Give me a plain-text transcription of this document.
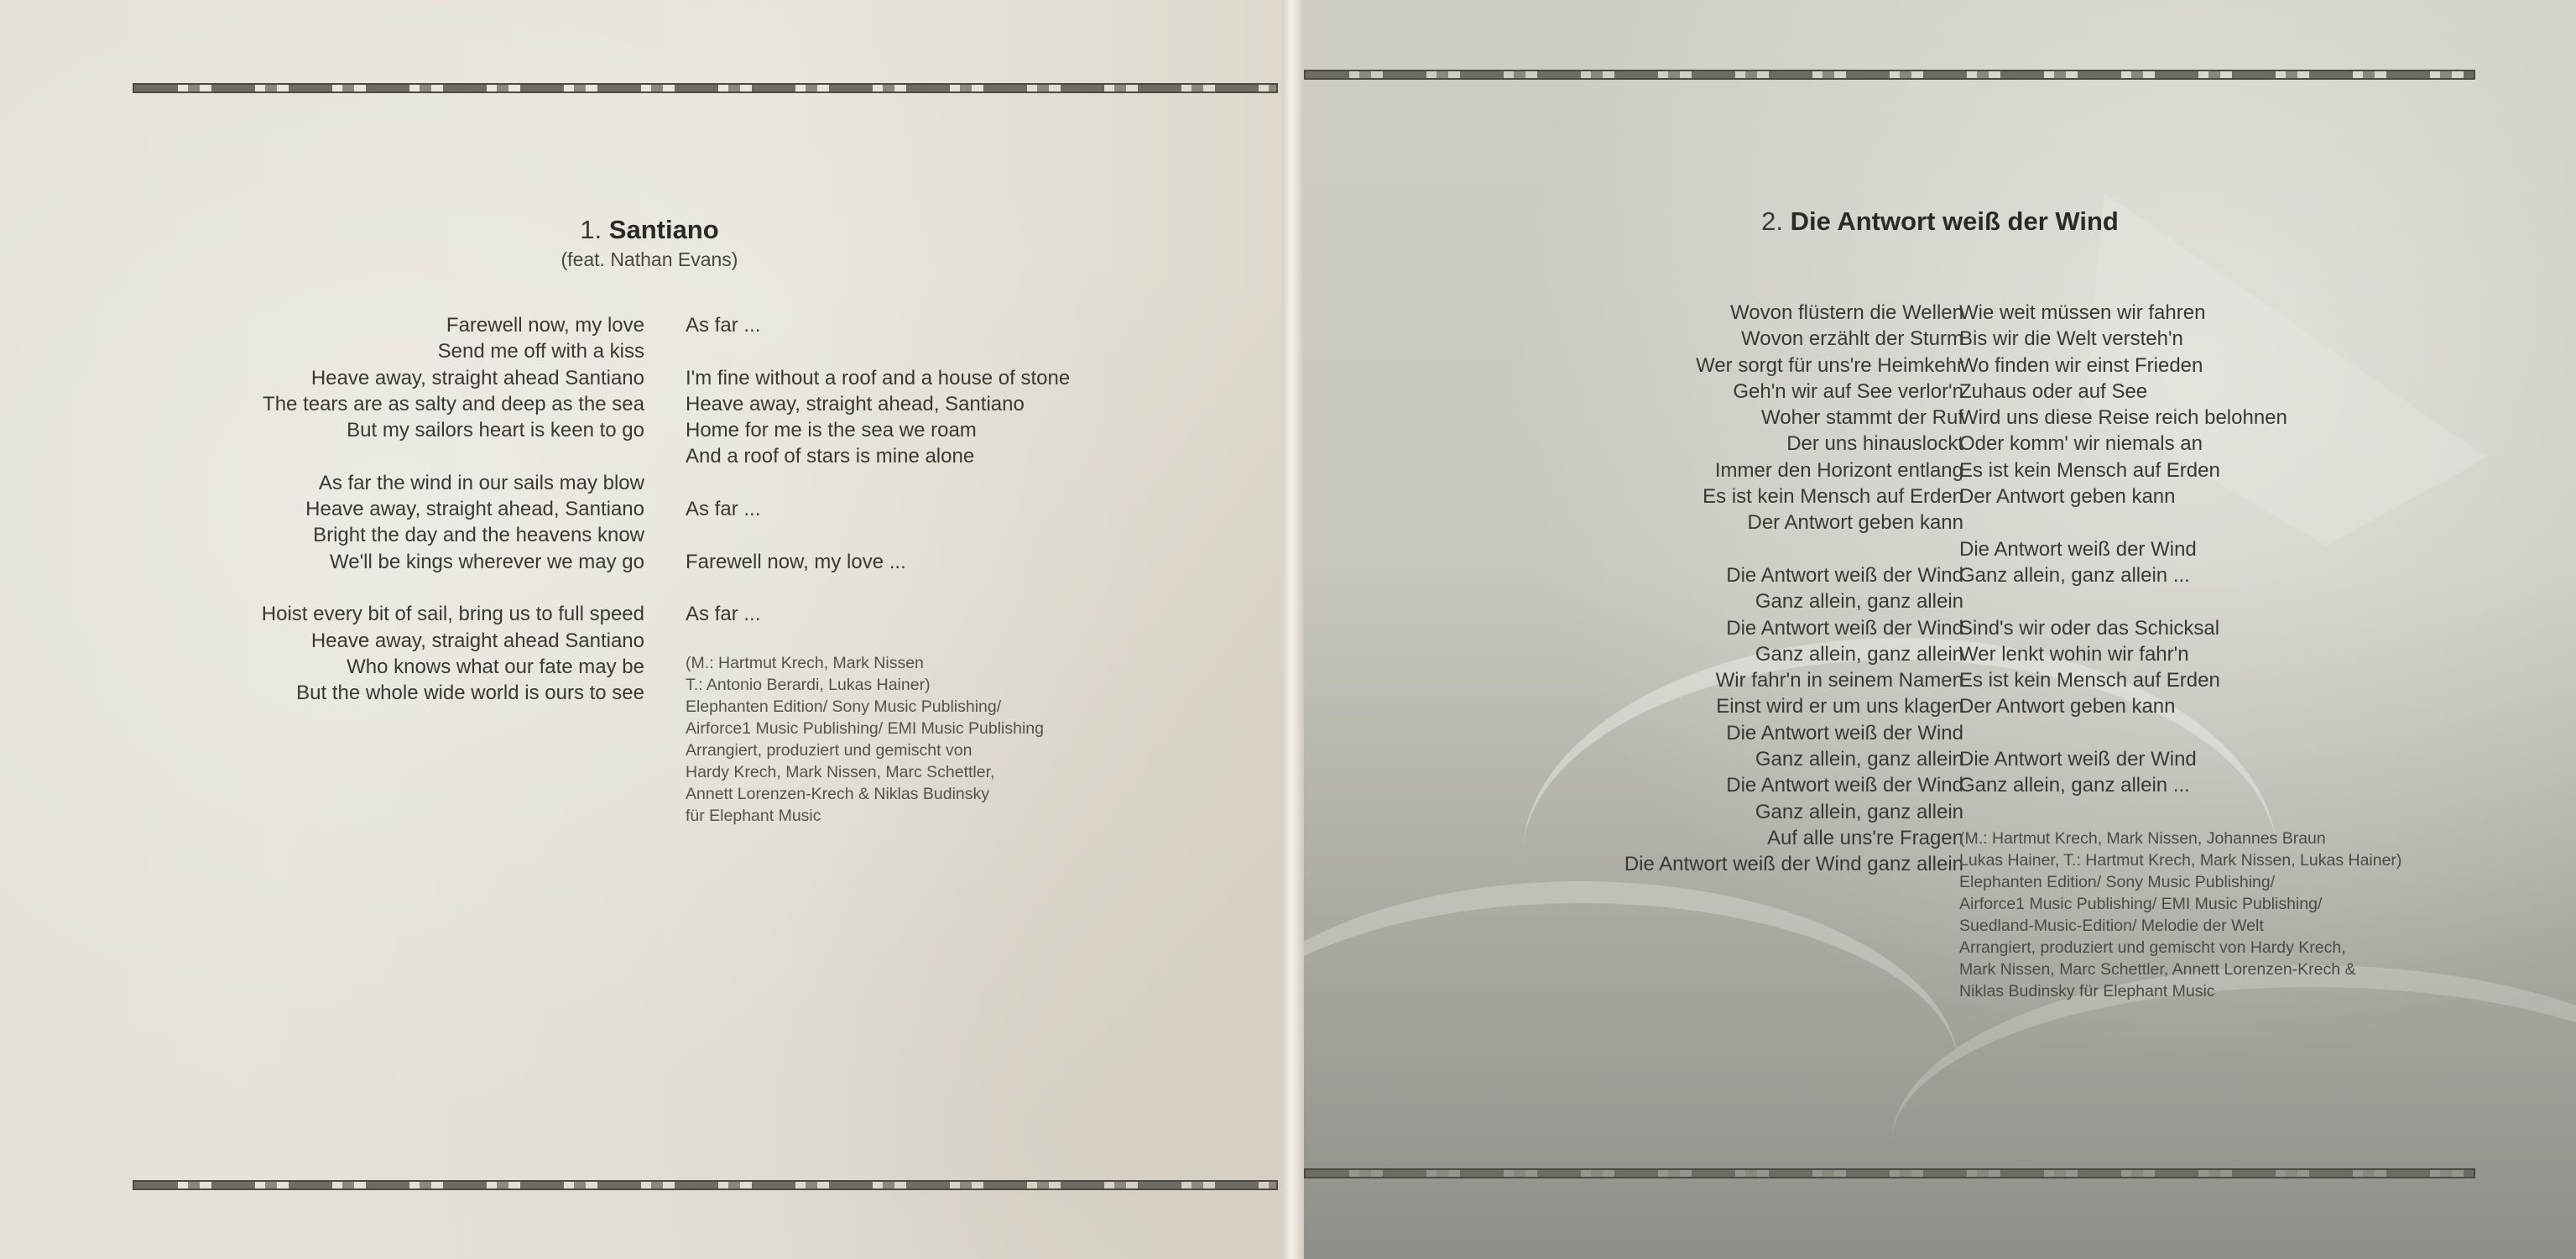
1. Santiano
(feat. Nathan Evans)
Farewell now, my love
Send me off with a kiss
Heave away, straight ahead Santiano
The tears are as salty and deep as the sea
But my sailors heart is keen to go
As far the wind in our sails may blow
Heave away, straight ahead, Santiano
Bright the day and the heavens know
We'll be kings wherever we may go
Hoist every bit of sail, bring us to full speed
Heave away, straight ahead Santiano
Who knows what our fate may be
But the whole wide world is ours to see
As far ...
I'm fine without a roof and a house of stone
Heave away, straight ahead, Santiano
Home for me is the sea we roam
And a roof of stars is mine alone
As far ...
Farewell now, my love ...
As far ...
(M.: Hartmut Krech, Mark Nissen
T.: Antonio Berardi, Lukas Hainer)
Elephanten Edition/ Sony Music Publishing/
Airforce1 Music Publishing/ EMI Music Publishing
Arrangiert, produziert und gemischt von
Hardy Krech, Mark Nissen, Marc Schettler,
Annett Lorenzen-Krech & Niklas Budinsky
für Elephant Music
2. Die Antwort weiß der Wind
Wovon flüstern die Wellen
Wovon erzählt der Sturm
Wer sorgt für uns're Heimkehr
Geh'n wir auf See verlor'n
Woher stammt der Ruf
Der uns hinauslockt
Immer den Horizont entlang
Es ist kein Mensch auf Erden
Der Antwort geben kann
Die Antwort weiß der Wind
Ganz allein, ganz allein
Die Antwort weiß der Wind
Ganz allein, ganz allein
Wir fahr'n in seinem Namen
Einst wird er um uns klagen
Die Antwort weiß der Wind
Ganz allein, ganz allein
Die Antwort weiß der Wind
Ganz allein, ganz allein
Auf alle uns're Fragen
Die Antwort weiß der Wind ganz allein
Wie weit müssen wir fahren
Bis wir die Welt versteh'n
Wo finden wir einst Frieden
Zuhaus oder auf See
Wird uns diese Reise reich belohnen
Oder komm' wir niemals an
Es ist kein Mensch auf Erden
Der Antwort geben kann
Die Antwort weiß der Wind
Ganz allein, ganz allein ...
Sind's wir oder das Schicksal
Wer lenkt wohin wir fahr'n
Es ist kein Mensch auf Erden
Der Antwort geben kann
Die Antwort weiß der Wind
Ganz allein, ganz allein ...
(M.: Hartmut Krech, Mark Nissen, Johannes Braun
Lukas Hainer, T.: Hartmut Krech, Mark Nissen, Lukas Hainer)
Elephanten Edition/ Sony Music Publishing/
Airforce1 Music Publishing/ EMI Music Publishing/
Suedland-Music-Edition/ Melodie der Welt
Arrangiert, produziert und gemischt von Hardy Krech,
Mark Nissen, Marc Schettler, Annett Lorenzen-Krech &
Niklas Budinsky für Elephant Music
